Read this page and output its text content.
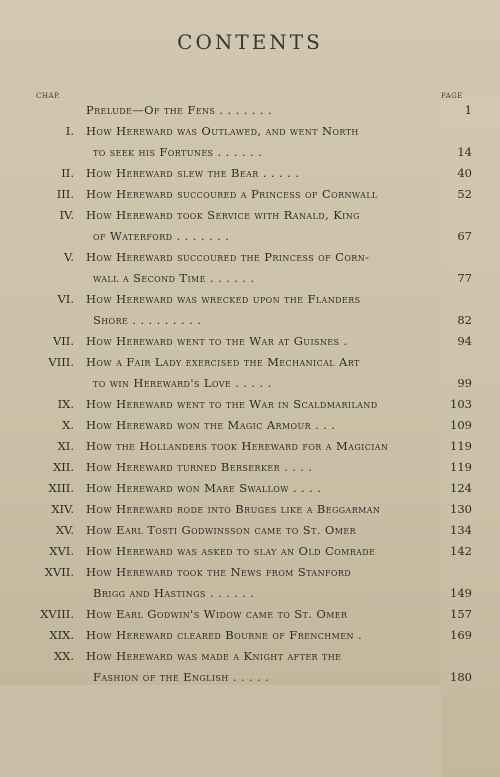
CONTENTS
CHAP.	PAGE
Prelude—Of the Fens . . . . . . .	1
I. How Hereward was Outlawed, and went North
to seek his Fortunes . . . . . .	14
II. How Hereward slew the Bear . . . . .	40
III. How Hereward succoured a Princess of Cornwall	52
IV. How Hereward took Service with Ranald, King
of Waterford . . . . . . .	67
V. How Hereward succoured the Princess of Corn-
wall a Second Time . . . . . .	77
VI. How Hereward was wrecked upon the Flanders
Shore . . . . . . . . .	82
VII. How Hereward went to the War at Guisnes .	94
VIII. How a Fair Lady exercised the Mechanical Art
to win Hereward's Love . . . . .	99
IX. How Hereward went to the War in Scaldmariland	103
X. How Hereward won the Magic Armour . . .	109
XI. How the Hollanders took Hereward for a Magician	119
XII. How Hereward turned Berserker . . . .	119
XIII. How Hereward won Mare Swallow . . . .	124
XIV. How Hereward rode into Bruges like a Beggarman	130
XV. How Earl Tosti Godwinsson came to St. Omer	134
XVI. How Hereward was asked to slay an Old Comrade	142
XVII. How Hereward took the News from Stanford
Brigg and Hastings . . . . . .	149
XVIII. How Earl Godwin's Widow came to St. Omer	157
XIX. How Hereward cleared Bourne of Frenchmen .	169
XX. How Hereward was made a Knight after the
Fashion of the English . . . . .	180
